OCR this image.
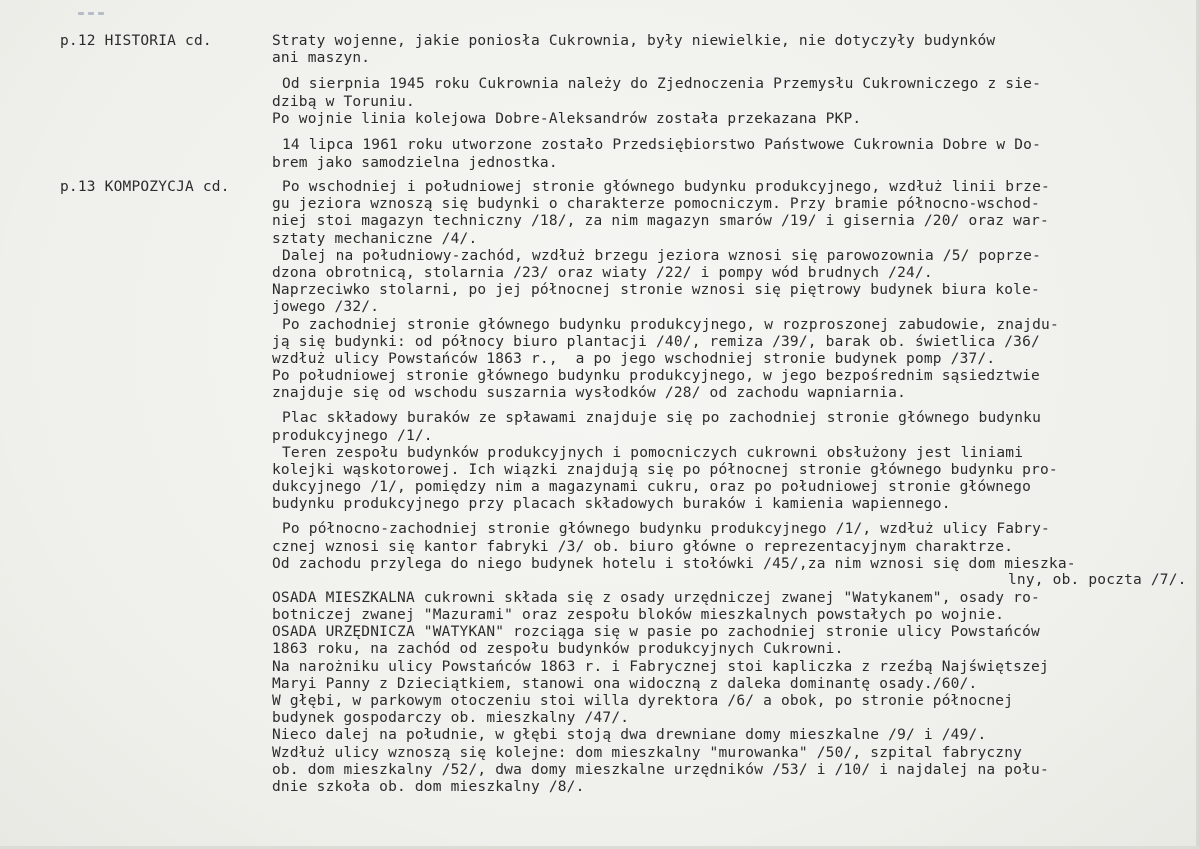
p.12 HISTORIA cd.
p.13 KOMPOZYCJA cd.
Straty wojenne, jakie poniosła Cukrownia, były niewielkie, nie dotyczyły budynków
ani maszyn.
Od sierpnia 1945 roku Cukrownia należy do Zjednoczenia Przemysłu Cukrowniczego z sie-
dzibą w Toruniu.
Po wojnie linia kolejowa Dobre-Aleksandrów została przekazana PKP.
14 lipca 1961 roku utworzone zostało Przedsiębiorstwo Państwowe Cukrownia Dobre w Do-
brem jako samodzielna jednostka.
Po wschodniej i południowej stronie głównego budynku produkcyjnego, wzdłuż linii brze-
gu jeziora wznoszą się budynki o charakterze pomocniczym. Przy bramie północno-wschod-
niej stoi magazyn techniczny /18/, za nim magazyn smarów /19/ i gisernia /20/ oraz war-
sztaty mechaniczne /4/.
Dalej na południowy-zachód, wzdłuż brzegu jeziora wznosi się parowozownia /5/ poprze-
dzona obrotnicą, stolarnia /23/ oraz wiaty /22/ i pompy wód brudnych /24/.
Naprzeciwko stolarni, po jej północnej stronie wznosi się piętrowy budynek biura kole-
jowego /32/.
Po zachodniej stronie głównego budynku produkcyjnego, w rozproszonej zabudowie, znajdu-
ją się budynki: od północy biuro plantacji /40/, remiza /39/, barak ob. świetlica /36/
wzdłuż ulicy Powstańców 1863 r.,  a po jego wschodniej stronie budynek pomp /37/.
Po południowej stronie głównego budynku produkcyjnego, w jego bezpośrednim sąsiedztwie
znajduje się od wschodu suszarnia wysłodków /28/ od zachodu wapniarnia.
Plac składowy buraków ze spławami znajduje się po zachodniej stronie głównego budynku
produkcyjnego /1/.
Teren zespołu budynków produkcyjnych i pomocniczych cukrowni obsłużony jest liniami
kolejki wąskotorowej. Ich wiązki znajdują się po północnej stronie głównego budynku pro-
dukcyjnego /1/, pomiędzy nim a magazynami cukru, oraz po południowej stronie głównego
budynku produkcyjnego przy placach składowych buraków i kamienia wapiennego.
Po północno-zachodniej stronie głównego budynku produkcyjnego /1/, wzdłuż ulicy Fabry-
cznej wznosi się kantor fabryki /3/ ob. biuro główne o reprezentacyjnym charaktrze.
Od zachodu przylega do niego budynek hotelu i stołówki /45/,za nim wznosi się dom mieszka-
lny, ob. poczta /7/.
OSADA MIESZKALNA cukrowni składa się z osady urzędniczej zwanej "Watykanem", osady ro-
botniczej zwanej "Mazurami" oraz zespołu bloków mieszkalnych powstałych po wojnie.
OSADA URZĘDNICZA "WATYKAN" rozciąga się w pasie po zachodniej stronie ulicy Powstańców
1863 roku, na zachód od zespołu budynków produkcyjnych Cukrowni.
Na narożniku ulicy Powstańców 1863 r. i Fabrycznej stoi kapliczka z rzeźbą Najświętszej
Maryi Panny z Dzieciątkiem, stanowi ona widoczną z daleka dominantę osady./60/.
W głębi, w parkowym otoczeniu stoi willa dyrektora /6/ a obok, po stronie północnej
budynek gospodarczy ob. mieszkalny /47/.
Nieco dalej na południe, w głębi stoją dwa drewniane domy mieszkalne /9/ i /49/.
Wzdłuż ulicy wznoszą się kolejne: dom mieszkalny "murowanka" /50/, szpital fabryczny
ob. dom mieszkalny /52/, dwa domy mieszkalne urzędników /53/ i /10/ i najdalej na połu-
dnie szkoła ob. dom mieszkalny /8/.
